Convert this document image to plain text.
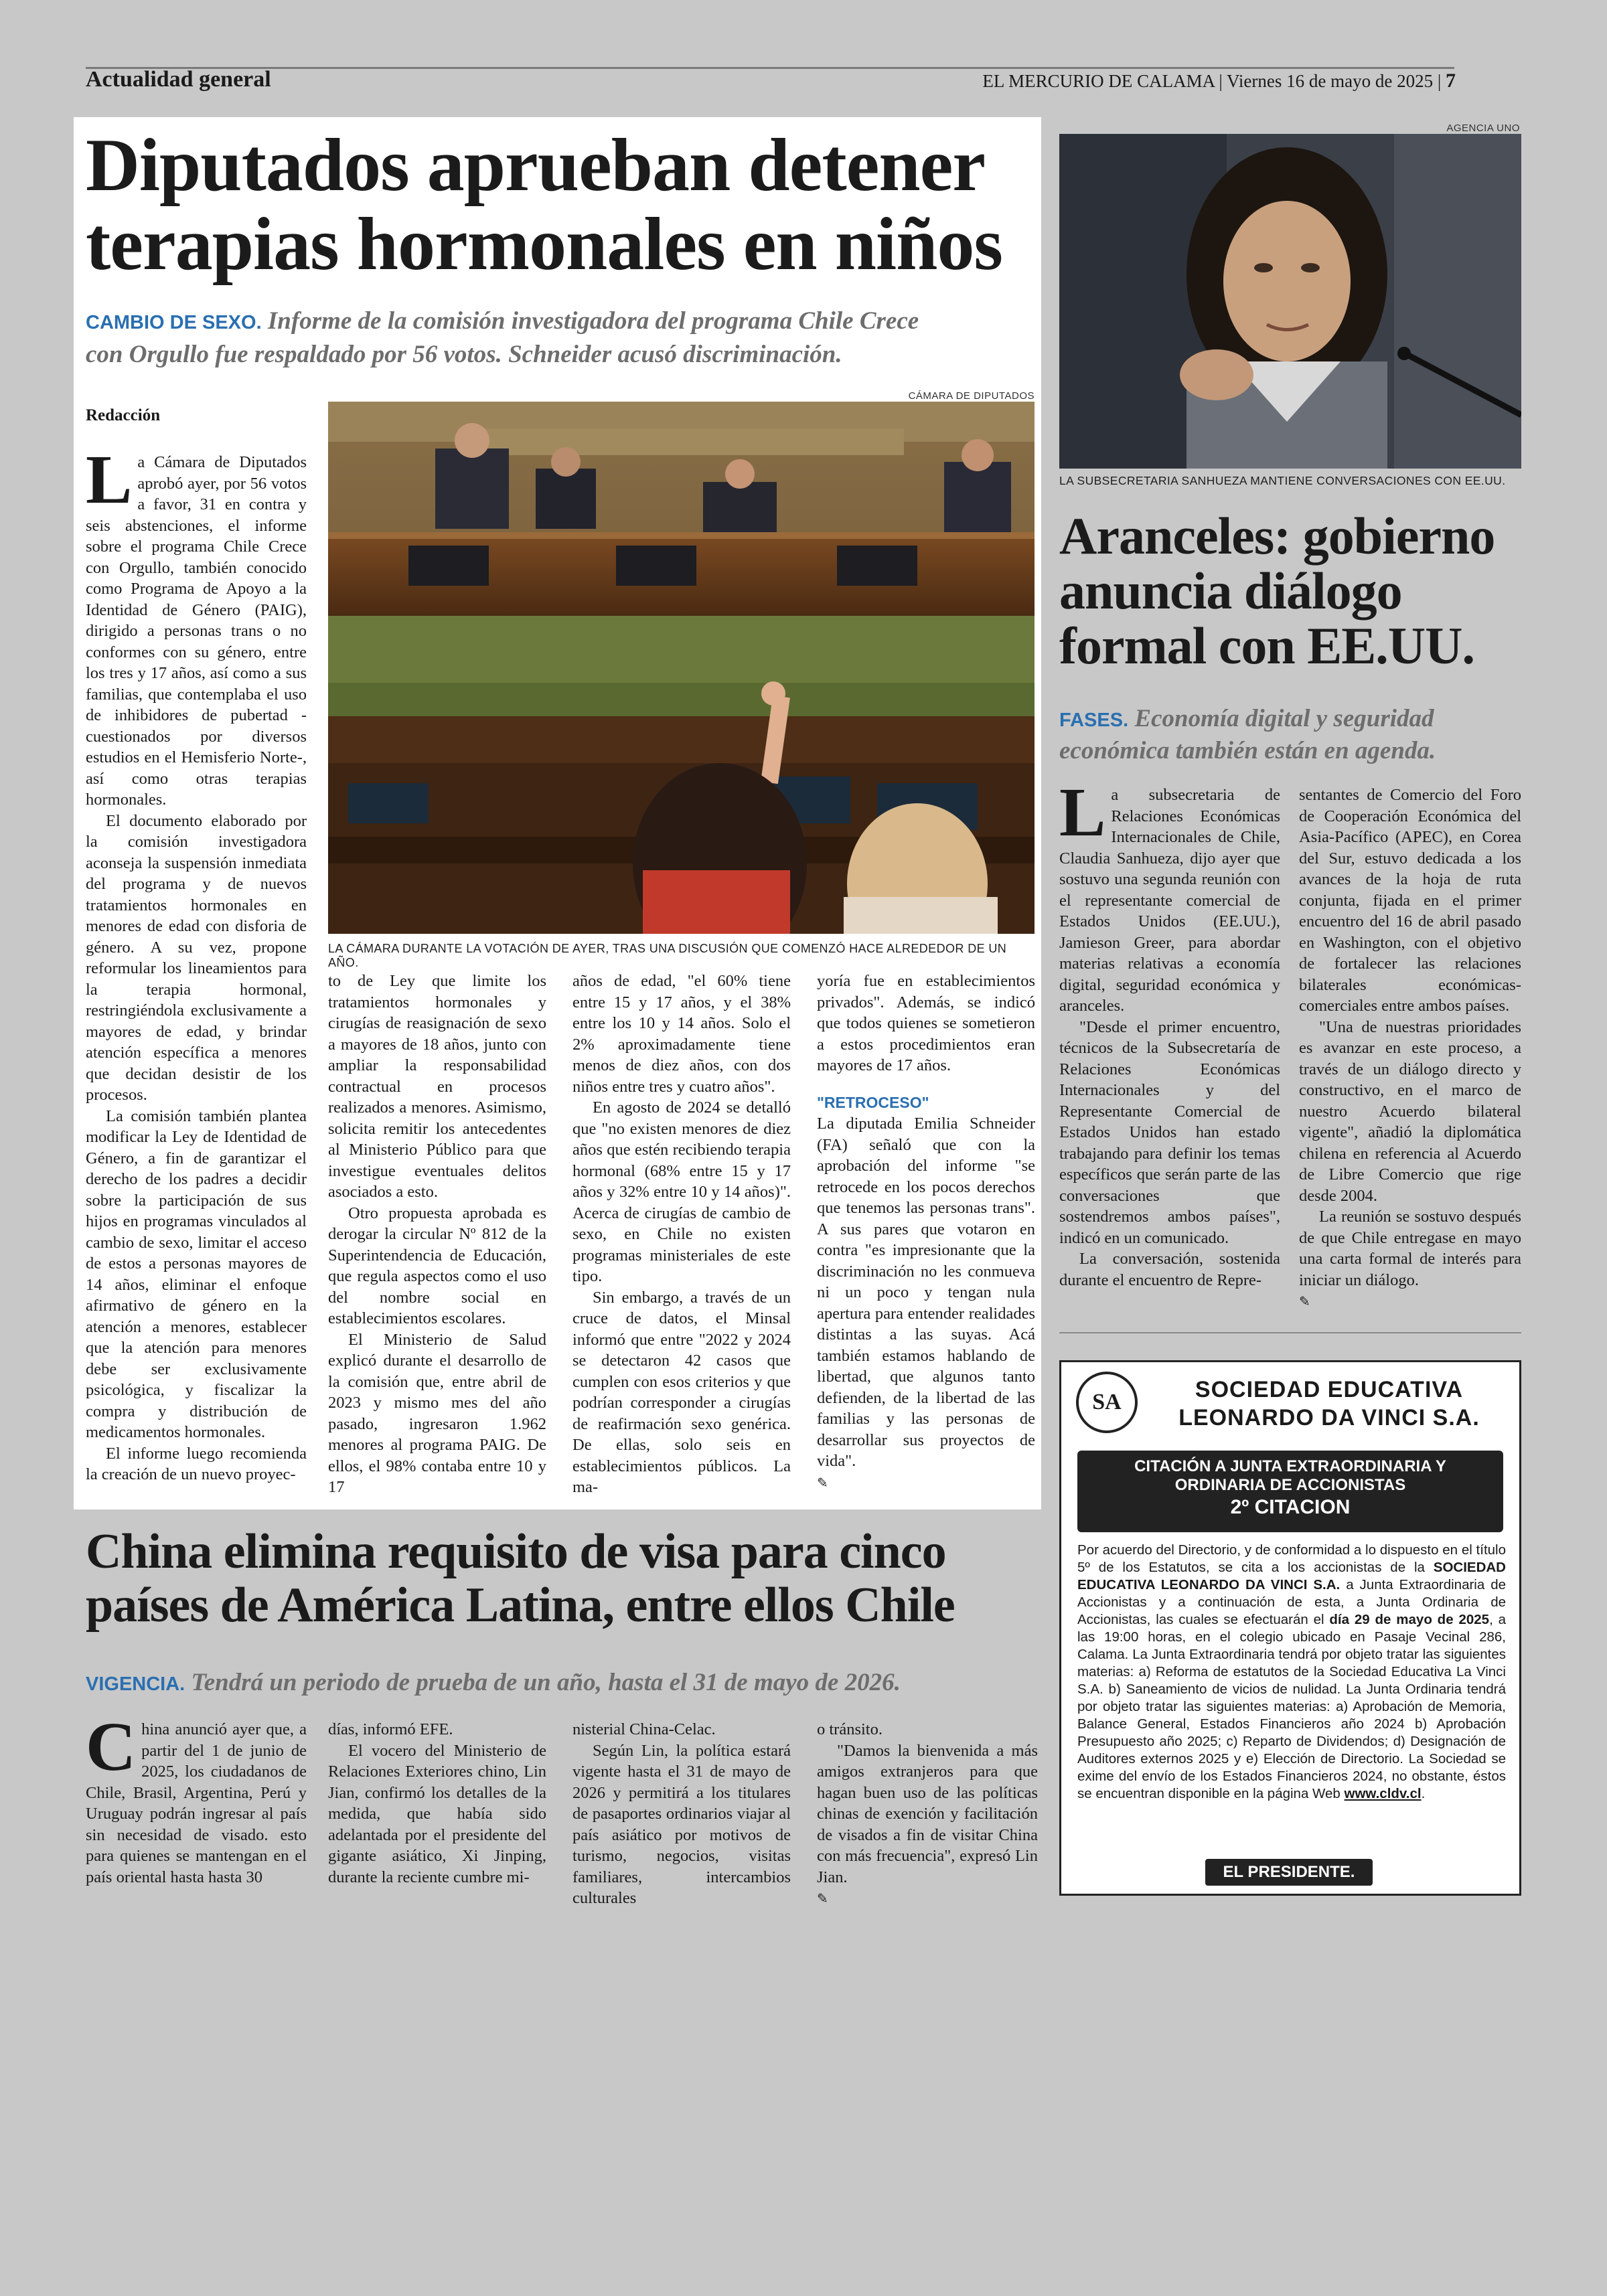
Actualidad general	EL MERCURIO DE CALAMA | Viernes 16 de mayo de 2025 | 7
Diputados aprueban detener
terapias hormonales en niños
CAMBIO DE SEXO. Informe de la comisión investigadora del programa Chile Crece
con Orgullo fue respaldado por 56 votos. Schneider acusó discriminación.
Redacción
CÁMARA DE DIPUTADOS
LA CÁMARA DURANTE LA VOTACIÓN DE AYER, TRAS UNA DISCUSIÓN QUE COMENZÓ HACE ALREDEDOR DE UN AÑO.
L a Cámara de Diputados aprobó ayer, por 56 votos a favor, 31 en contra y seis abstenciones, el informe sobre el programa Chile Crece con Orgullo, también conocido como Programa de Apoyo a la Identidad de Género (PAIG), dirigido a personas trans o no conformes con su género, entre los tres y 17 años, así como a sus familias, que contemplaba el uso de inhibidores de pubertad -cuestionados por diversos estudios en el Hemisferio Norte-, así como otras terapias hormonales.
El documento elaborado por la comisión investigadora aconseja la suspensión inmediata del programa y de nuevos tratamientos hormonales en menores de edad con disforia de género. A su vez, propone reformular los lineamientos para la terapia hormonal, restringiéndola exclusivamente a mayores de edad, y brindar atención específica a menores que decidan desistir de los procesos.
La comisión también plantea modificar la Ley de Identidad de Género, a fin de garantizar el derecho de los padres a decidir sobre la participación de sus hijos en programas vinculados al cambio de sexo, limitar el acceso de estos a personas mayores de 14 años, eliminar el enfoque afirmativo de género en la atención a menores, establecer que la atención para menores debe ser exclusivamente psicológica, y fiscalizar la compra y distribución de medicamentos hormonales.
El informe luego recomienda la creación de un nuevo proyec-
to de Ley que limite los tratamientos hormonales y cirugías de reasignación de sexo a mayores de 18 años, junto con ampliar la responsabilidad contractual en procesos realizados a menores. Asimismo, solicita remitir los antecedentes al Ministerio Público para que investigue eventuales delitos asociados a esto.
Otro propuesta aprobada es derogar la circular Nº 812 de la Superintendencia de Educación, que regula aspectos como el uso del nombre social en establecimientos escolares.
El Ministerio de Salud explicó durante el desarrollo de la comisión que, entre abril de 2023 y mismo mes del año pasado, ingresaron 1.962 menores al programa PAIG. De ellos, el 98% contaba entre 10 y 17
años de edad, "el 60% tiene entre 15 y 17 años, y el 38% entre los 10 y 14 años. Solo el 2% aproximadamente tiene menos de diez años, con dos niños entre tres y cuatro años".
En agosto de 2024 se detalló que "no existen menores de diez años que estén recibiendo terapia hormonal (68% entre 15 y 17 años y 32% entre 10 y 14 años)". Acerca de cirugías de cambio de sexo, en Chile no existen programas ministeriales de este tipo.
Sin embargo, a través de un cruce de datos, el Minsal informó que entre "2022 y 2024 se detectaron 42 casos que cumplen con esos criterios y que podrían corresponder a cirugías de reafirmación sexo genérica. De ellas, solo seis en establecimientos públicos. La ma-
yoría fue en establecimientos privados". Además, se indicó que todos quienes se sometieron a estos procedimientos eran mayores de 17 años.
"RETROCESO"
La diputada Emilia Schneider (FA) señaló que con la aprobación del informe "se retrocede en los pocos derechos que tenemos las personas trans". A sus pares que votaron en contra "es impresionante que la discriminación no les conmueva ni un poco y tengan nula apertura para entender realidades distintas a las suyas. Acá también estamos hablando de libertad, que algunos tanto defienden, de la libertad de las familias y las personas de desarrollar sus proyectos de vida".
✎
AGENCIA UNO
LA SUBSECRETARIA SANHUEZA MANTIENE CONVERSACIONES CON EE.UU.
Aranceles: gobierno
anuncia diálogo
formal con EE.UU.
FASES. Economía digital y seguridad
económica también están en agenda.
L a subsecretaria de Relaciones Económicas Internacionales de Chile, Claudia Sanhueza, dijo ayer que sostuvo una segunda reunión con el representante comercial de Estados Unidos (EE.UU.), Jamieson Greer, para abordar materias relativas a economía digital, seguridad económica y aranceles.
"Desde el primer encuentro, técnicos de la Subsecretaría de Relaciones Económicas Internacionales y del Representante Comercial de Estados Unidos han estado trabajando para definir los temas específicos que serán parte de las conversaciones que sostendremos ambos países", indicó en un comunicado.
La conversación, sostenida durante el encuentro de Repre-
sentantes de Comercio del Foro de Cooperación Económica del Asia-Pacífico (APEC), en Corea del Sur, estuvo dedicada a los avances de la hoja de ruta conjunta, fijada en el primer encuentro del 16 de abril pasado en Washington, con el objetivo de fortalecer las relaciones bilaterales económicas-comerciales entre ambos países.
"Una de nuestras prioridades es avanzar en este proceso, a través de un diálogo directo y constructivo, en el marco de nuestro Acuerdo bilateral vigente", añadió la diplomática chilena en referencia al Acuerdo de Libre Comercio que rige desde 2004.
La reunión se sostuvo después de que Chile entregase en mayo una carta formal de interés para iniciar un diálogo.
✎
SA	SOCIEDAD EDUCATIVA
LEONARDO DA VINCI S.A.
CITACIÓN A JUNTA EXTRAORDINARIA Y
ORDINARIA DE ACCIONISTAS
2º CITACION
Por acuerdo del Directorio, y de conformidad a lo dispuesto en el título 5º de los Estatutos, se cita a los accionistas de la SOCIEDAD EDUCATIVA LEONARDO DA VINCI S.A. a Junta Extraordinaria de Accionistas y a continuación de esta, a Junta Ordinaria de Accionistas, las cuales se efectuarán el día 29 de mayo de 2025, a las 19:00 horas, en el colegio ubicado en Pasaje Vecinal 286, Calama. La Junta Extraordinaria tendrá por objeto tratar las siguientes materias: a) Reforma de estatutos de la Sociedad Educativa La Vinci S.A. b) Saneamiento de vicios de nulidad. La Junta Ordinaria tendrá por objeto tratar las siguientes materias: a) Aprobación de Memoria, Balance General, Estados Financieros año 2024 b) Aprobación Presupuesto año 2025; c) Reparto de Dividendos; d) Designación de Auditores externos 2025 y e) Elección de Directorio. La Sociedad se exime del envío de los Estados Financieros 2024, no obstante, éstos se encuentran disponible en la página Web www.cldv.cl.
EL PRESIDENTE.
China elimina requisito de visa para cinco
países de América Latina, entre ellos Chile
VIGENCIA. Tendrá un periodo de prueba de un año, hasta el 31 de mayo de 2026.
C hina anunció ayer que, a partir del 1 de junio de 2025, los ciudadanos de Chile, Brasil, Argentina, Perú y Uruguay podrán ingresar al país sin necesidad de visado. esto para quienes se mantengan en el país oriental hasta hasta 30
días, informó EFE.
El vocero del Ministerio de Relaciones Exteriores chino, Lin Jian, confirmó los detalles de la medida, que había sido adelantada por el presidente del gigante asiático, Xi Jinping, durante la reciente cumbre mi-
nisterial China-Celac.
Según Lin, la política estará vigente hasta el 31 de mayo de 2026 y permitirá a los titulares de pasaportes ordinarios viajar al país asiático por motivos de turismo, negocios, visitas familiares, intercambios culturales
o tránsito.
"Damos la bienvenida a más amigos extranjeros para que hagan buen uso de las políticas chinas de exención y facilitación de visados a fin de visitar China con más frecuencia", expresó Lin Jian.
✎
